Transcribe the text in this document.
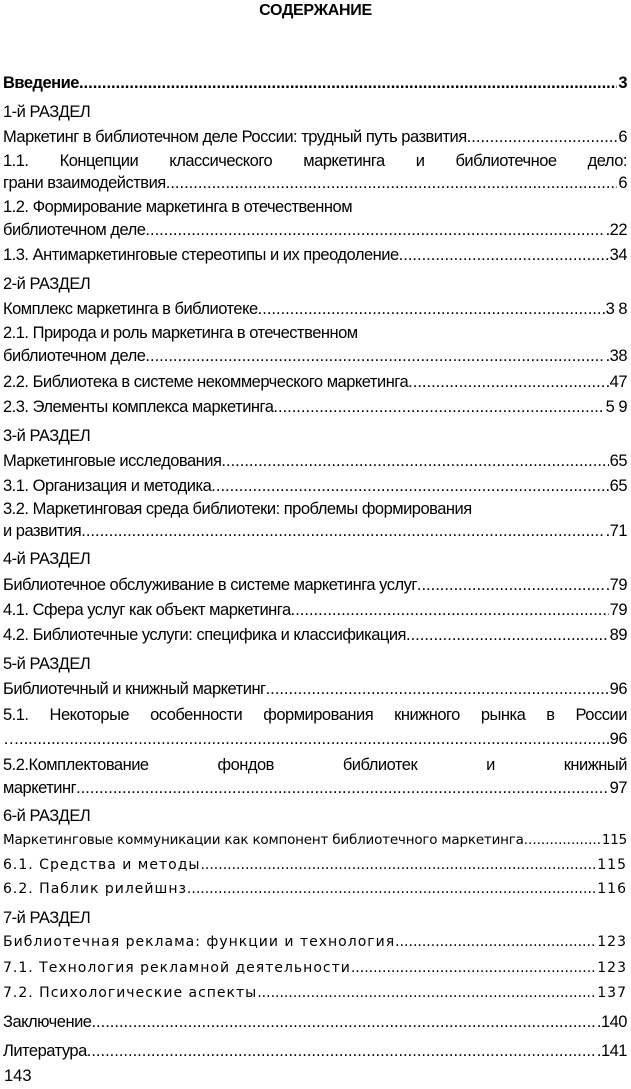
СОДЕРЖАНИЕ
Введение .....	3
1-й РАЗДЕЛ
Маркетинг в библиотечном деле России: трудный путь развития .....	6
1.1. Концепции классического маркетинга и библиотечное дело:
грани взаимодействия .....	6
1.2. Формирование маркетинга в отечественном
библиотечном деле .....	.22
1.3. Антимаркетинговые стереотипы и их преодоление .....	34
2-й РАЗДЕЛ
Комплекс маркетинга в библиотеке .....	3 8
2.1. Природа и роль маркетинга в отечественном
библиотечном деле .....	.38
2.2. Библиотека в системе некоммерческого маркетинга .....	.47
2.3. Элементы комплекса маркетинга .....	5 9
3-й РАЗДЕЛ
Маркетинговые исследования .....	65
3.1. Организация и методика .....	65
3.2. Маркетинговая среда библиотеки: проблемы формирования
и развития .....	.71
4-й РАЗДЕЛ
Библиотечное обслуживание в системе маркетинга услуг .....	.79
4.1. Сфера услуг как объект маркетинга .....	79
4.2. Библиотечные услуги: специфика и классификация .....	89
5-й РАЗДЕЛ
Библиотечный и книжный маркетинг .....	96
5.1. Некоторые особенности формирования книжного рынка в России
… .....	96
5.2.Комплектование	фондов	библиотек	и	книжный
маркетинг .....	97
6-й РАЗДЕЛ
Маркетинговые коммуникации как компонент библиотечного маркетинга .....	115
6.1. Средства и методы .....	115
6.2. Паблик рилейшнз .....	116
7-й РАЗДЕЛ
Библиотечная реклама: функции и технология .....	123
7.1. Технология рекламной деятельности .....	123
7.2. Психологические аспекты .....	137
Заключение .....	.140
Литература .....	.141
143
